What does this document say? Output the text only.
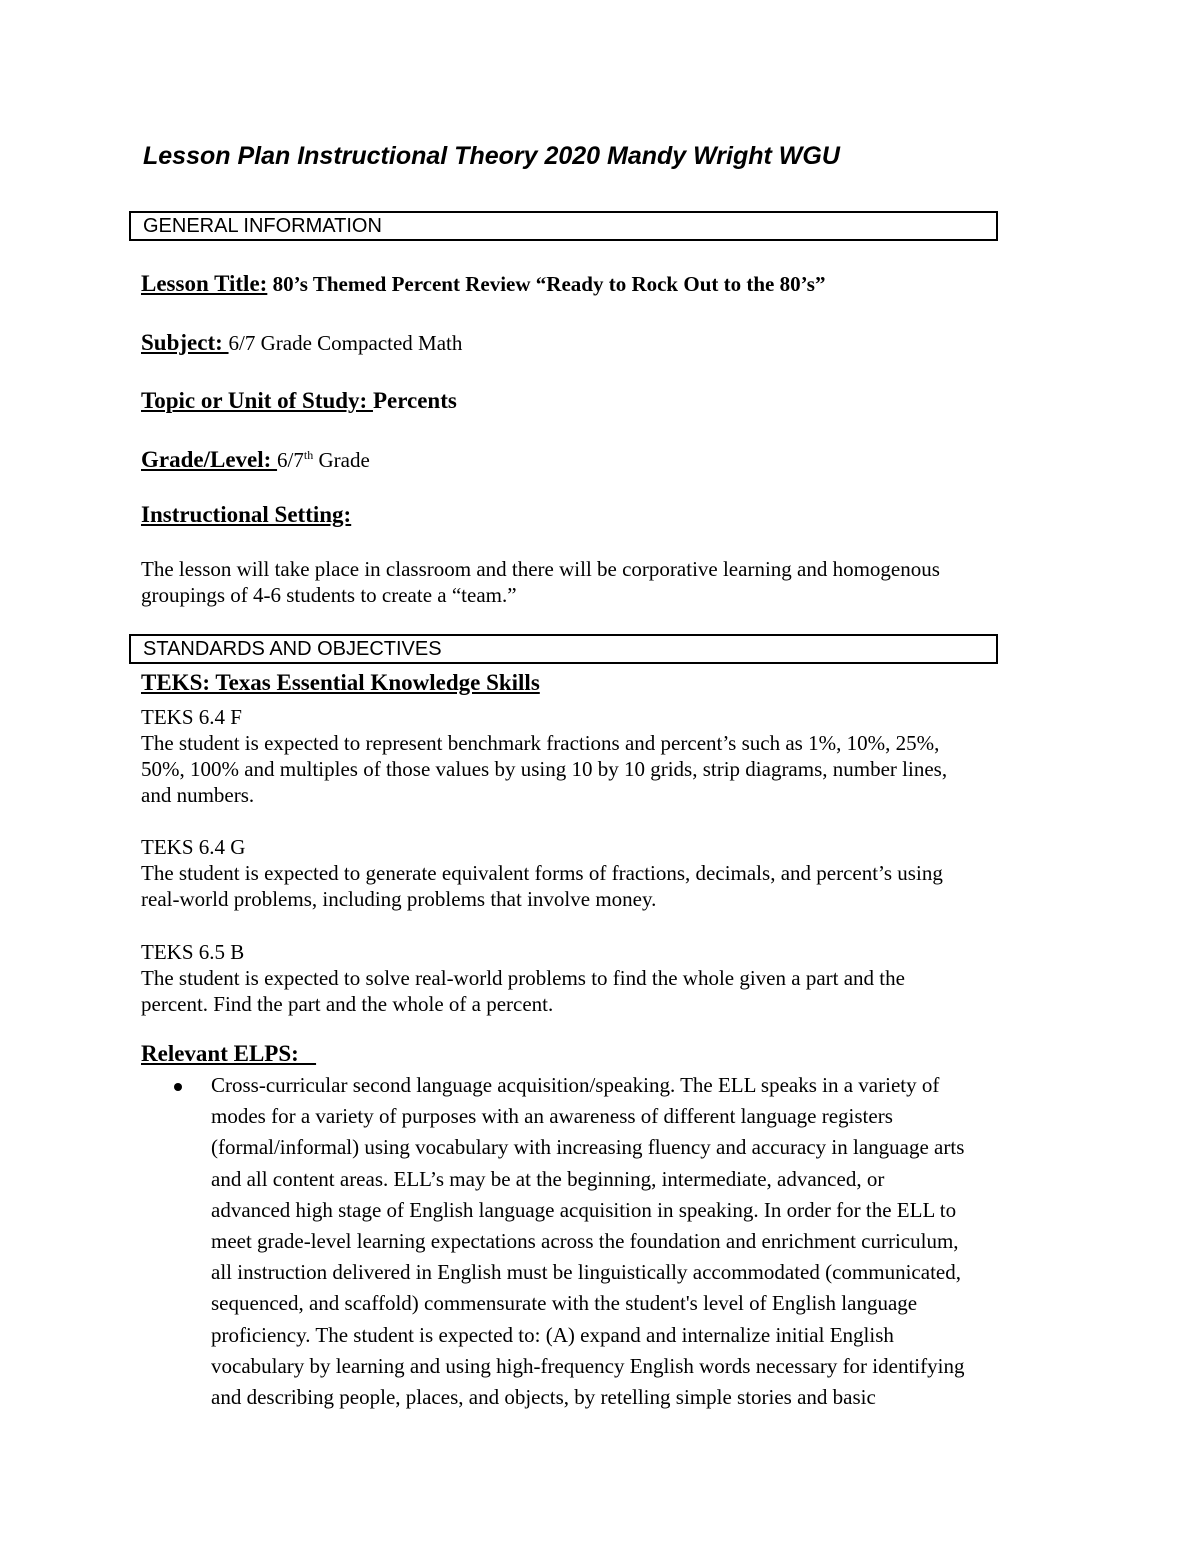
Lesson Plan Instructional Theory 2020 Mandy Wright WGU
GENERAL INFORMATION
Lesson Title: 80’s Themed Percent Review “Ready to Rock Out to the 80’s”
Subject: 6/7 Grade Compacted Math
Topic or Unit of Study: Percents
Grade/Level: 6/7th Grade
Instructional Setting:
The lesson will take place in classroom and there will be corporative learning and homogenous
groupings of 4-6 students to create a “team.”
STANDARDS AND OBJECTIVES
TEKS: Texas Essential Knowledge Skills
TEKS 6.4 F
The student is expected to represent benchmark fractions and percent’s such as 1%, 10%, 25%,
50%, 100% and multiples of those values by using 10 by 10 grids, strip diagrams, number lines,
and numbers.
TEKS 6.4 G
The student is expected to generate equivalent forms of fractions, decimals, and percent’s using
real-world problems, including problems that involve money.
TEKS 6.5 B
The student is expected to solve real-world problems to find the whole given a part and the
percent. Find the part and the whole of a percent.
Relevant ELPS:
Cross-curricular second language acquisition/speaking. The ELL speaks in a variety of
modes for a variety of purposes with an awareness of different language registers
(formal/informal) using vocabulary with increasing fluency and accuracy in language arts
and all content areas. ELL’s may be at the beginning, intermediate, advanced, or
advanced high stage of English language acquisition in speaking. In order for the ELL to
meet grade-level learning expectations across the foundation and enrichment curriculum,
all instruction delivered in English must be linguistically accommodated (communicated,
sequenced, and scaffold) commensurate with the student's level of English language
proficiency. The student is expected to: (A) expand and internalize initial English
vocabulary by learning and using high-frequency English words necessary for identifying
and describing people, places, and objects, by retelling simple stories and basic
